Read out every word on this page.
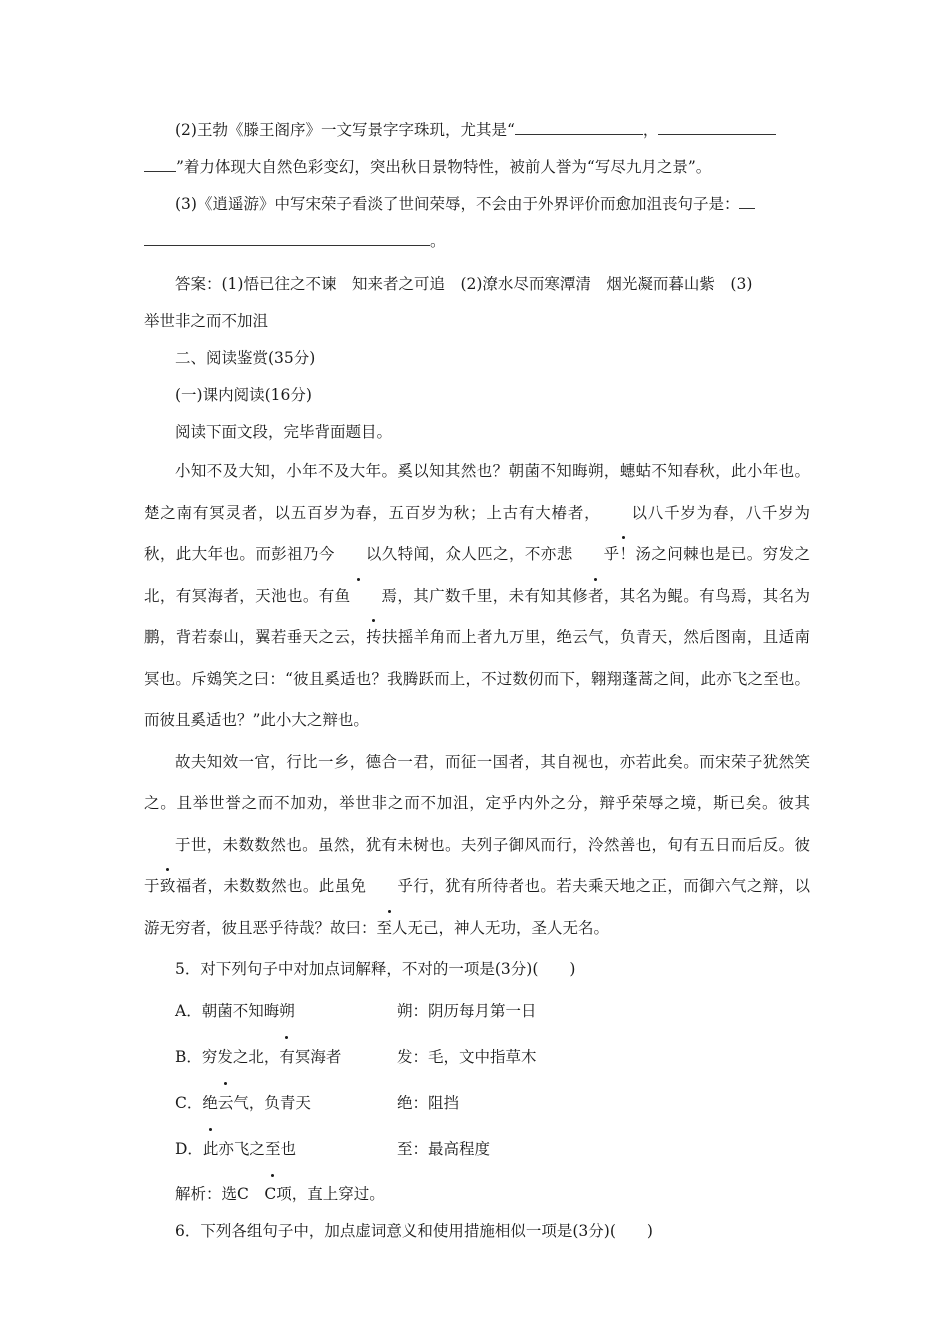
(2)王勃《滕王阁序》一文写景字字珠玑，尤其是“	，

”着力体现大自然色彩变幻，突出秋日景物特性，被前人誉为“写尽九月之景”。

(3)《逍遥游》中写宋荣子看淡了世间荣辱，不会由于外界评价而愈加沮丧句子是：

。

答案：(1)悟已往之不谏　知来者之可追　(2)潦水尽而寒潭清　烟光凝而暮山紫　(3)

举世非之而不加沮

二、阅读鉴赏(35分)

(一)课内阅读(16分)

阅读下面文段，完毕背面题目。

小知不及大知，小年不及大年。奚以知其然也？朝菌不知晦朔，蟪蛄不知春秋，此小年也。楚之南有冥灵者，以五百岁为春，五百岁为秋；上古有大椿者， 以八千岁为春，八千岁为秋，此大年也。而彭祖乃今 以久特闻，众人匹之，不亦悲 乎！汤之问棘也是已。穷发之北，有冥海者，天池也。有鱼 焉，其广数千里，未有知其修者，其名为鲲。有鸟焉，其名为鹏，背若泰山，翼若垂天之云，抟扶摇羊角而上者九万里，绝云气，负青天，然后图南，且适南冥也。斥鴳笑之曰：“彼且奚适也？我腾跃而上，不过数仞而下，翱翔蓬蒿之间，此亦飞之至也。而彼且奚适也？”此小大之辩也。

故夫知效一官，行比一乡，德合一君，而征一国者，其自视也，亦若此矣。而宋荣子犹然笑之。且举世誉之而不加劝，举世非之而不加沮，定乎内外之分，辩乎荣辱之境，斯已矣。彼其于世，未数数然也。虽然，犹有未树也。夫列子御风而行，泠然善也，旬有五日而后反。彼于致福者，未数数然也。此虽免 乎行，犹有所待者也。若夫乘天地之正，而御六气之辩，以游无穷者，彼且恶乎待哉？故曰：至人无己，神人无功，圣人无名。

5．对下列句子中对加点词解释，不对的一项是(3分)(　　)

A．朝菌不知晦朔	朔：阴历每月第一日
B．穷发之北，有冥海者	发：毛，文中指草木
C．绝云气，负青天	绝：阻挡
D．此亦飞之至也	至：最高程度

解析：选C　C项，直上穿过。

6．下列各组句子中，加点虚词意义和使用措施相似一项是(3分)(　　)
